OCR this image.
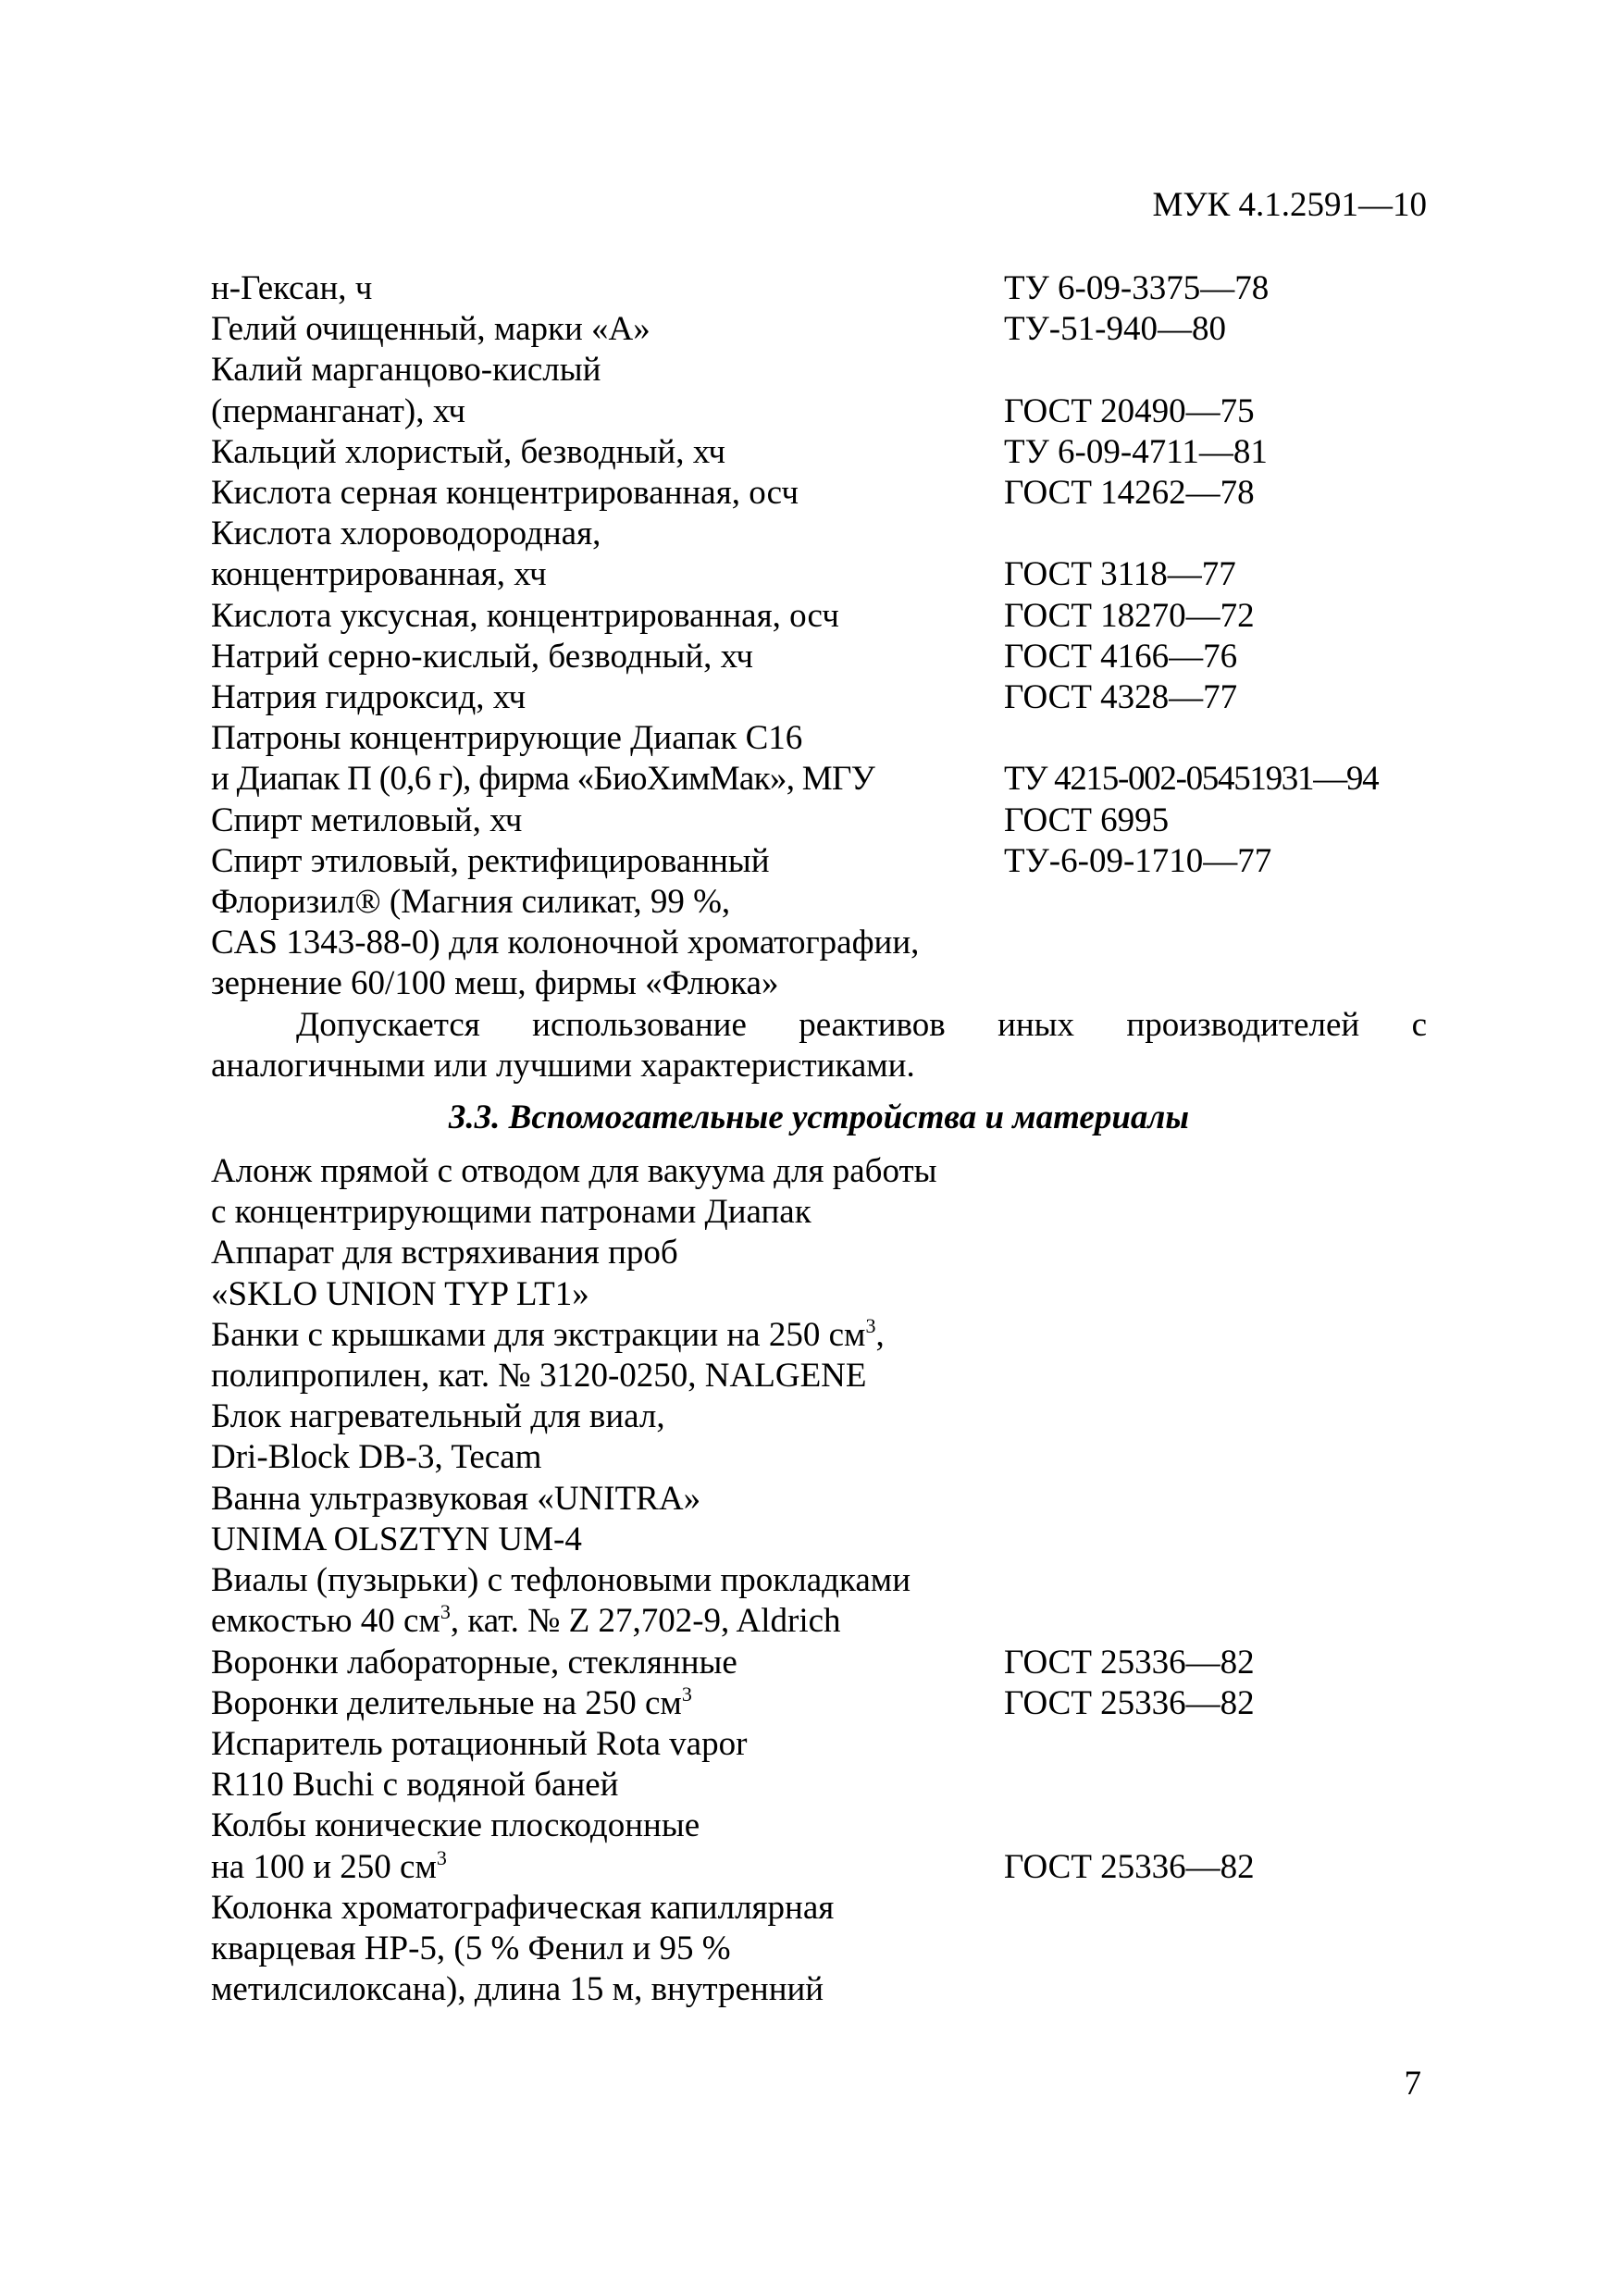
МУК 4.1.2591—10
н-Гексан, ч	ТУ 6-09-3375—78
Гелий очищенный, марки «А»	ТУ-51-940—80
Калий марганцово-кислый
(перманганат), хч	ГОСТ 20490—75
Кальций хлористый, безводный, хч	ТУ 6-09-4711—81
Кислота серная концентрированная, осч	ГОСТ 14262—78
Кислота хлороводородная,
концентрированная, хч	ГОСТ 3118—77
Кислота уксусная, концентрированная, осч	ГОСТ 18270—72
Натрий серно-кислый, безводный, хч	ГОСТ 4166—76
Натрия гидроксид, хч	ГОСТ 4328—77
Патроны концентрирующие Диапак С16
и Диапак П (0,6 г), фирма «БиоХимМак», МГУ	ТУ 4215-002-05451931—94
Спирт метиловый, хч	ГОСТ 6995
Спирт этиловый, ректифицированный	ТУ-6-09-1710—77
Флоризил® (Магния силикат, 99 %,
CAS 1343-88-0) для колоночной хроматографии,
зернение 60/100 меш, фирмы «Флюка»

Допускается использование реактивов иных производителей с аналогичными или лучшими характеристиками.

3.3. Вспомогательные устройства и материалы
Алонж прямой с отводом для вакуума для работы
с концентрирующими патронами Диапак
Аппарат для встряхивания проб
«SKLO UNION TYP LT1»
Банки с крышками для экстракции на 250 $см^3$,
полипропилен, кат. № 3120-0250, NALGENE
Блок нагревательный для виал,
Dri-Block DB-3, Tecam
Ванна ультразвуковая «UNITRA»
UNIMA OLSZTYN UM-4
Виалы (пузырьки) с тефлоновыми прокладками
емкостью 40 $см^3$, кат. № Z 27,702-9, Aldrich
Воронки лабораторные, стеклянные	ГОСТ 25336—82
Воронки делительные на 250 $см^3$	ГОСТ 25336—82
Испаритель ротационный Rota vapor
R110 Buchi с водяной баней
Колбы конические плоскодонные
на 100 и 250 $см^3$	ГОСТ 25336—82
Колонка хроматографическая капиллярная
кварцевая HP-5, (5 % Фенил и 95 %
метилсилоксана), длина 15 м, внутренний
7
